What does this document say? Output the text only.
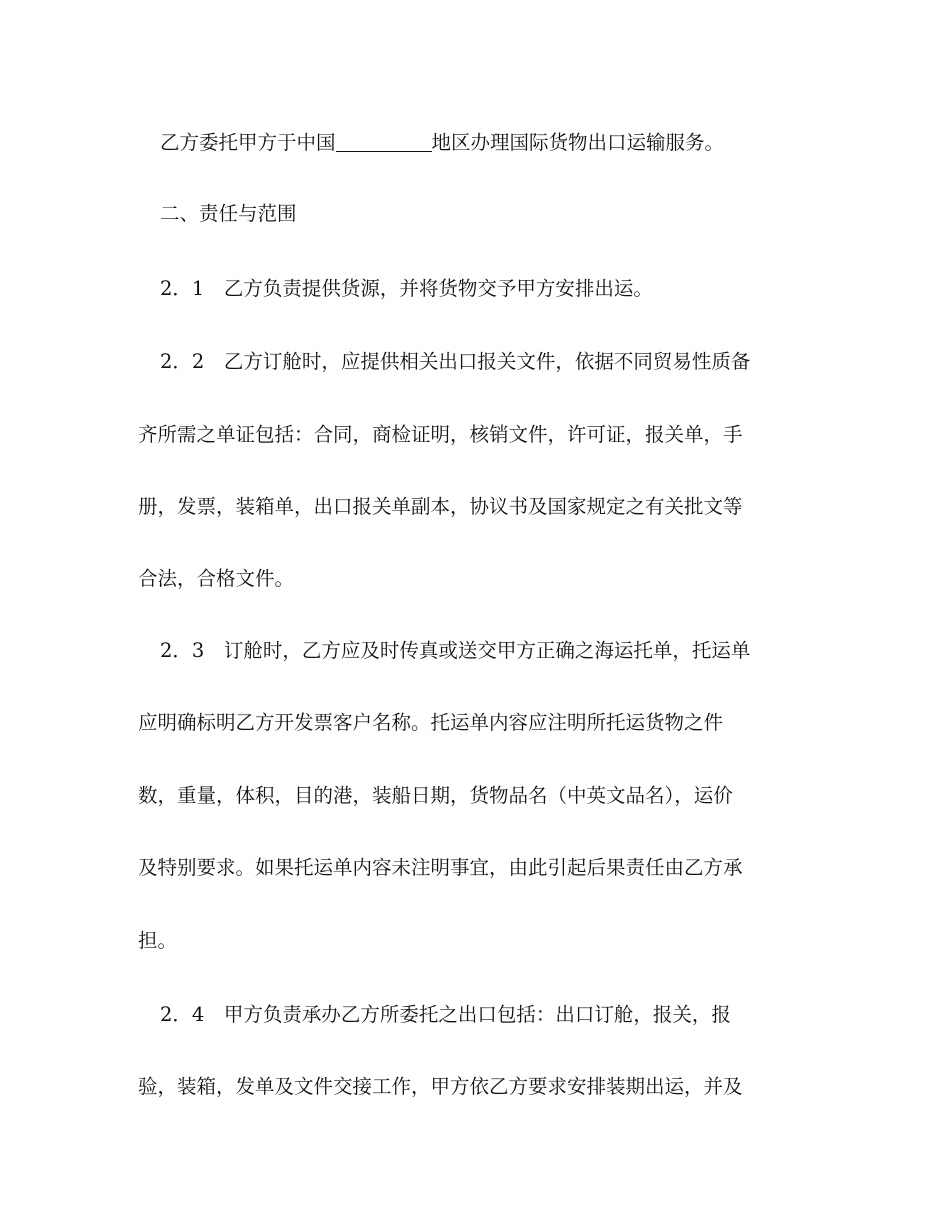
乙方委托甲方于中国	地区办理国际货物出口运输服务。
二、责任与范围
2．1　乙方负责提供货源，并将货物交予甲方安排出运。
2．2　乙方订舱时，应提供相关出口报关文件，依据不同贸易性质备
齐所需之单证包括：合同，商检证明，核销文件，许可证，报关单，手
册，发票，装箱单，出口报关单副本，协议书及国家规定之有关批文等
合法，合格文件。
2．3　订舱时，乙方应及时传真或送交甲方正确之海运托单，托运单
应明确标明乙方开发票客户名称。托运单内容应注明所托运货物之件
数，重量，体积，目的港，装船日期，货物品名（中英文品名），运价
及特别要求。如果托运单内容未注明事宜，由此引起后果责任由乙方承
担。
2．4　甲方负责承办乙方所委托之出口包括：出口订舱，报关，报
验，装箱，发单及文件交接工作，甲方依乙方要求安排装期出运，并及
